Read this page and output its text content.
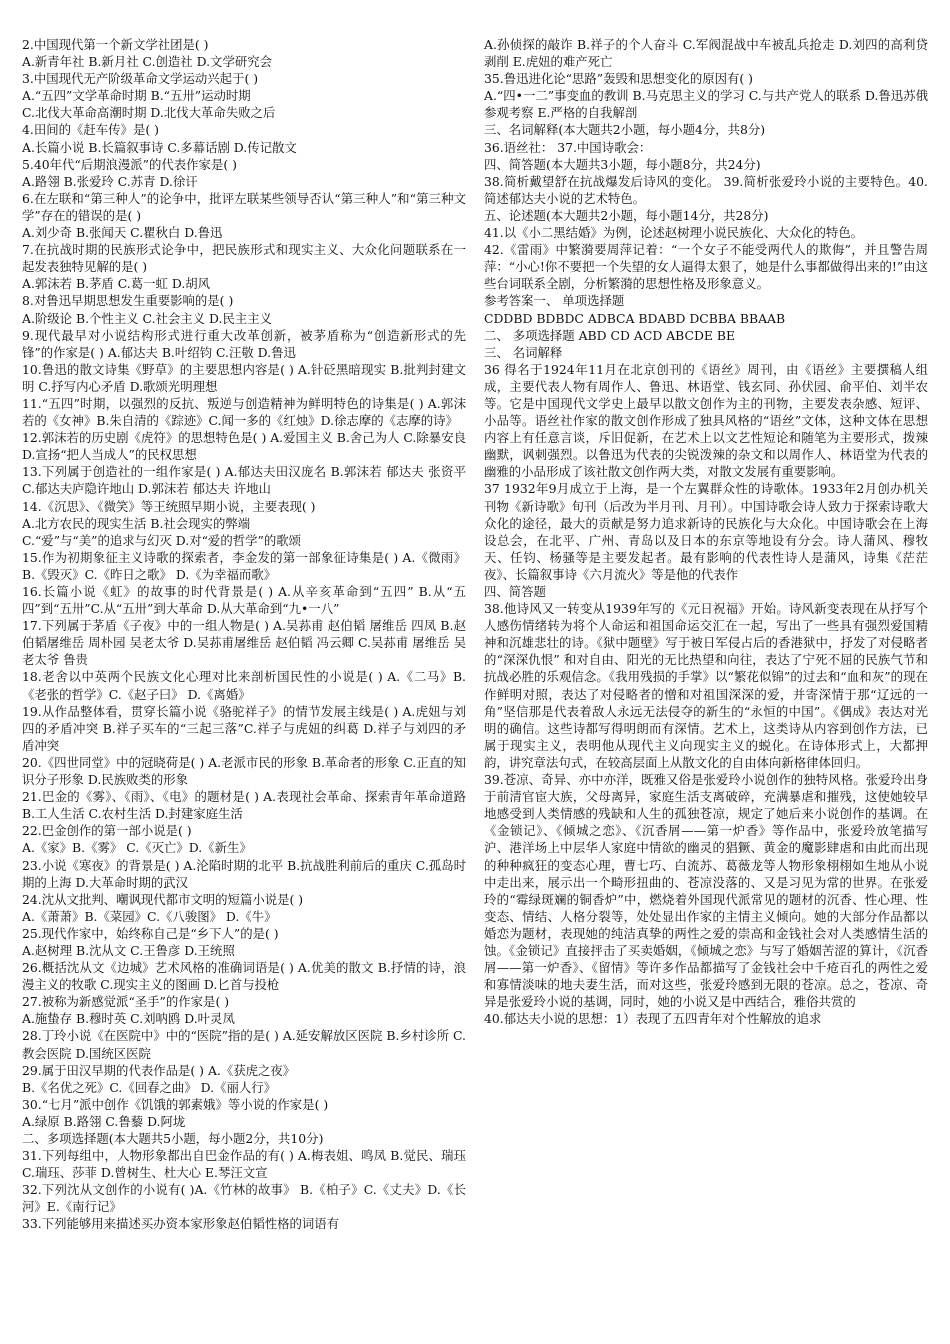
2.中国现代第一个新文学社团是( )

A.新青年社 B.新月社 C.创造社 D.文学研究会

3.中国现代无产阶级革命文学运动兴起于( )

A.“五四”文学革命时期 B.“五卅”运动时期

C.北伐大革命高潮时期 D.北伐大革命失败之后

4.田间的《赶车传》是( )

A.长篇小说 B.长篇叙事诗 C.多幕话剧 D.传记散文

5.40年代“后期浪漫派”的代表作家是( )

A.路翎 B.张爱玲 C.苏青 D.徐讦

6.在左联和“第三种人”的论争中，批评左联某些领导否认“第三种人”和“第三种文学”存在的错误的是( )

A.刘少奇 B.张闻天 C.瞿秋白 D.鲁迅

7.在抗战时期的民族形式论争中，把民族形式和现实主义、大众化问题联系在一起发表独特见解的是( )

A.郭沫若 B.茅盾 C.葛一虹 D.胡风

8.对鲁迅早期思想发生重要影响的是( )

A.阶级论 B.个性主义 C.社会主义 D.民主主义

9.现代最早对小说结构形式进行重大改革创新，被茅盾称为“创造新形式的先锋”的作家是( ) A.郁达夫 B.叶绍钧 C.汪敬 D.鲁迅

10.鲁迅的散文诗集《野草》的主要思想内容是( ) A.针砭黑暗现实 B.批判封建文明 C.抒写内心矛盾 D.歌颂光明理想

11.“五四”时期，以强烈的反抗、叛逆与创造精神为鲜明特色的诗集是( ) A.郭沫若的《女神》B.朱自清的《踪迹》C.闻一多的《红烛》D.徐志摩的《志摩的诗》

12.郭沫若的历史剧《虎符》的思想特色是( ) A.爱国主义 B.舍己为人 C.除暴安良 D.宣扬“把人当成人”的民权思想

13.下列属于创造社的一组作家是( ) A.郁达夫田汉庞名 B.郭沫若 郁达夫 张资平 C.郁达夫庐隐许地山 D.郭沫若 郁达夫 许地山

14.《沉思》、《微笑》等王统照早期小说，主要表现( )

A.北方农民的现实生活 B.社会现实的弊端

C.“爱”与“美”的追求与幻灭 D.对“爱的哲学”的歌颂

15.作为初期象征主义诗歌的探索者，李金发的第一部象征诗集是( ) A.《微雨》B.《毁灭》C.《昨日之歌》 D.《为幸福而歌》

16.长篇小说《虹》的故事的时代背景是( ) A.从辛亥革命到“五四” B.从“五四”到“五卅”C.从“五卅”到大革命 D.从大革命到“九•一八”

17.下列属于茅盾《子夜》中的一组人物是( ) A.吴荪甫 赵伯韬 屠维岳 四凤 B.赵伯韬屠维岳 周朴园 吴老太爷 D.吴荪甫屠维岳 赵伯韬 冯云卿 C.吴荪甫 屠维岳 吴老太爷 鲁贵

18.老舍以中英两个民族文化心理对比来剖析国民性的小说是( ) A.《二马》B.《老张的哲学》C.《赵子曰》 D.《离婚》

19.从作品整体看，贯穿长篇小说《骆驼祥子》的情节发展主线是( ) A.虎妞与刘四的矛盾冲突 B.祥子买车的“三起三落”C.祥子与虎妞的纠葛 D.祥子与刘四的矛盾冲突

20.《四世同堂》中的冠晓荷是( ) A.老派市民的形象 B.革命者的形象 C.正直的知识分子形象 D.民族败类的形象

21.巴金的《雾》、《雨》、《电》的题材是( ) A.表现社会革命、探索青年革命道路 B.工人生活 C.农村生活 D.封建家庭生活

22.巴金创作的第一部小说是( )

A.《家》B.《雾》 C.《灭亡》D.《新生》

23.小说《寒夜》的背景是( ) A.沦陷时期的北平 B.抗战胜利前后的重庆 C.孤岛时期的上海 D.大革命时期的武汉

24.沈从文批判、嘲讽现代都市文明的短篇小说是( )

A.《萧萧》B.《菜园》C.《八骏图》 D.《牛》

25.现代作家中，始终称自己是“乡下人”的是( )

A.赵树理 B.沈从文 C.王鲁彦 D.王统照

26.概括沈从文《边城》艺术风格的准确词语是( ) A.优美的散文 B.抒情的诗，浪漫主义的牧歌 C.现实主义的图画 D.匕首与投枪

27.被称为新感觉派“圣手”的作家是( )

A.施蛰存 B.穆时英 C.刘呐鸥 D.叶灵凤

28.丁玲小说《在医院中》中的“医院”指的是( ) A.延安解放区医院 B.乡村诊所 C.教会医院 D.国统区医院

29.属于田汉早期的代表作品是( ) A.《获虎之夜》

B.《名优之死》C.《回春之曲》 D.《丽人行》

30.“七月”派中创作《饥饿的郭素娥》等小说的作家是( )

A.绿原 B.路翎 C.鲁藜 D.阿垅

二、多项选择题(本大题共5小题，每小题2分，共10分)

31.下列每组中，人物形象都出自巴金作品的有( ) A.梅表姐、鸣凤 B.觉民、瑞珏 C.瑞珏、莎菲 D.曾树生、杜大心 E.琴汪文宣

32.下列沈从文创作的小说有( )A.《竹林的故事》 B.《柏子》C.《丈夫》D.《长河》E.《南行记》

33.下列能够用来描述买办资本家形象赵伯韬性格的词语有

A.孙侦探的敲诈 B.祥子的个人奋斗 C.军阀混战中车被乱兵抢走 D.刘四的高利贷剥削 E.虎妞的难产死亡

35.鲁迅进化论“思路”轰毁和思想变化的原因有( )

A.“四•一二”事变血的教训 B.马克思主义的学习 C.与共产党人的联系 D.鲁迅苏俄参观考察 E.严格的自我解剖

三、名词解释(本大题共2小题，每小题4分，共8分)

36.语丝社： 37.中国诗歌会：

四、简答题(本大题共3小题，每小题8分，共24分)

38.简析戴望舒在抗战爆发后诗风的变化。 39.简析张爱玲小说的主要特色。40.简述郁达夫小说的艺术特色。

五、论述题(本大题共2小题，每小题14分，共28分)

41.以《小二黑结婚》为例，论述赵树理小说民族化、大众化的特色。

42.《雷雨》中繁漪要周萍记着：“一个女子不能受两代人的欺侮”，并且警告周萍：“小心!你不要把一个失望的女人逼得太狠了，她是什么事都做得出来的!”由这些台词联系全剧，分析繁漪的思想性格及形象意义。

参考答案一、 单项选择题

CDDBD BDBDC ADBCA BDABD DCBBA BBAAB

二、 多项选择题 ABD CD ACD ABCDE BE

三、 名词解释

36 得名于1924年11月在北京创刊的《语丝》周刊，由《语丝》主要撰稿人组成，主要代表人物有周作人、鲁迅、林语堂、钱玄同、孙伏园、俞平伯、刘半农等。它是中国现代文学史上最早以散文创作为主的刊物，主要发表杂感、短评、小品等。语丝社作家的散文创作形成了独具风格的“语丝”文体，这种文体在思想内容上有任意言谈，斥旧促新，在艺术上以文艺性短论和随笔为主要形式，拨辣幽默，讽刺强烈。以鲁迅为代表的尖锐泼辣的杂文和以周作人、林语堂为代表的幽雅的小品形成了该社散文创作两大类，对散文发展有重要影响。

37 1932年9月成立于上海，是一个左翼群众性的诗歌体。1933年2月创办机关刊物《新诗歌》旬刊（后改为半月刊、月刊）。中国诗歌会诗人致力于探索诗歌大众化的途径，最大的贡献是努力追求新诗的民族化与大众化。中国诗歌会在上海设总会，在北平、广州、青岛以及日本的东京等地设有分会。诗人蒲风、穆牧天、任钧、杨骚等是主要发起者。最有影响的代表性诗人是蒲风，诗集《茫茫夜》、长篇叙事诗《六月流火》等是他的代表作

四、简答题

38.他诗风又一转变从1939年写的《元日祝福》开始。诗风新变表现在从抒写个人感伤情绪转为将个人命运和祖国命运交汇在一起，写出了一些具有强烈爱国精神和沉雄悲壮的诗。《狱中题壁》写于被日军侵占后的香港狱中，抒发了对侵略者的“深深仇恨” 和对自由、阳光的无比热望和向往，表达了宁死不屈的民族气节和抗战必胜的乐观信念。《我用残损的手掌》以“繁花似锦”的过去和“血和灰”的现在作鲜明对照，表达了对侵略者的憎和对祖国深深的爱，并寄深情于那“辽远的一角”坚信那是代表着敌人永远无法侵夺的新生的“永恒的中国”。《偶成》表达对光明的确信。这些诗都写得明朗而有深情。艺术上，这类诗从内容到创作方法，已属于现实主义，表明他从现代主义向现实主义的蜕化。在诗体形式上，大都押韵，讲究章法句式，在较高层面上从散文化的自由体向新格律体回归。

39.苍凉、奇异、亦中亦洋，既雅又俗是张爱玲小说创作的独特风格。张爱玲出身于前清官宦大族，父母离异，家庭生活支离破碎，充满暴虐和摧残，这使她较早地感受到人类情感的残缺和人生的孤独苍凉，规定了她后来小说创作的基调。在《金锁记》、《倾城之恋》、《沉香屑——第一炉香》等作品中，张爱玲放笔描写沪、港洋场上中层华人家庭中情欲的幽灵的猖獗、黄金的魔影肆虐和由此而出现的种种疯狂的变态心理，曹七巧、白流苏、葛薇龙等人物形象栩栩如生地从小说中走出来，展示出一个畸形扭曲的、苍凉没落的、又是习见为常的世界。在张爱玲的“霉绿斑斓的铜香炉”中，燃烧着外国现代派常见的题材的沉香、性心理、性变态、情结、人格分裂等，处处显出作家的主情主义倾向。她的大部分作品都以婚恋为题材，表现她的纯洁真挚的两性之爱的崇高和金钱社会对人类感情生活的蚀。《金锁记》直接抨击了买卖婚姻，《倾城之恋》与写了婚姻苦涩的算计，《沉香屑——第一炉香》、《留情》等许多作品都描写了金钱社会中千疮百孔的两性之爱和寡情淡味的地夫妻生活，而对这些，张爱玲感到无限的苍凉。总之，苍凉、奇异是张爱玲小说的基调，同时，她的小说又是中西结合，雅俗共赏的

40.郁达夫小说的思想：1）表现了五四青年对个性解放的追求
